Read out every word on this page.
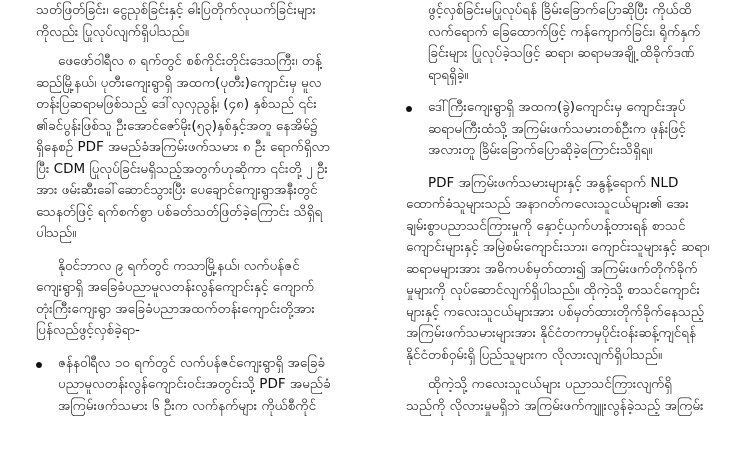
သတ်ဖြတ်ခြင်း၊ ငွေညှစ်ခြင်းနှင့် ဓါးပြတိုက်လုယက်ခြင်းများ
ကိုလည်း ပြုလုပ်လျက်ရှိပါသည်။
ဖေဖော်ဝါရီလ ၈ ရက်တွင် စစ်ကိုင်းတိုင်းဒေသကြီး၊ တန့်
ဆည်မြို့နယ်၊ ပုတီးကျေးရွာရှိ အထက(ပုတီး)ကျောင်းမှ မူလ
တန်းပြဆရာမဖြစ်သည့် ဒေါ်လှလှညွန့်၊ (၄၈) နှစ်သည် ၎င်း
၏ခင်ပွန်းဖြစ်သူ ဦးအောင်ဇော်မိုး(၅၃)နှစ်နှင့်အတူ နေအိမ်၌
ရှိနေစဉ် PDF အမည်ခံအကြမ်းဖက်သမား ၈ ဦး ရောက်ရှိလာ
ပြီး CDM ပြုလုပ်ခြင်းမရှိသည့်အတွက်ဟုဆိုကာ ၎င်းတို့ ၂ ဦး
အား ဖမ်းဆီးခေါ်ဆောင်သွားပြီး ပေချောင်ကျေးရွာအနီးတွင်
သေနတ်ဖြင့် ရက်စက်စွာ ပစ်ခတ်သတ်ဖြတ်ခဲ့ကြောင်း သိရှိရ
ပါသည်။
နိုဝင်ဘာလ ၉ ရက်တွင် ကသာမြို့နယ်၊ လက်ပန်ဇင်
ကျေးရွာရှိ အခြေခံပညာမူလတန်းလွန်ကျောင်းနှင့် ကျောက်
တုံးကြီးကျေးရွာ အခြေခံပညာအထက်တန်းကျောင်းတို့အား
ပြန်လည်ဖွင့်လှစ်ခဲ့ရာ-
ဇန်နဝါရီလ ၁၀ ရက်တွင် လက်ပန်ဇင်ကျေးရွာရှိ အခြေခံ
ပညာမူလတန်းလွန်ကျောင်းဝင်းအတွင်းသို့ PDF အမည်ခံ
အကြမ်းဖက်သမား ၆ ဦးက လက်နက်များ ကိုယ်စီကိုင်
ဖွင့်လှစ်ခြင်းမပြုလုပ်ရန် ခြိမ်းခြောက်ပြောဆိုပြီး ကိုယ်ထိ
လက်ရောက် ခြေထောက်ဖြင့် ကန်ကျောက်ခြင်း၊ ရိုက်နှက်
ခြင်းများ ပြုလုပ်ခဲ့သဖြင့် ဆရာ၊ ဆရာမအချို့ ထိခိုက်ဒဏ်
ရာရရှိခဲ့။
ဒေါ်ကြီးကျေးရွာရှိ အထက(ခွဲ)ကျောင်းမှ ကျောင်းအုပ်
ဆရာမကြီးထံသို့ အကြမ်းဖက်သမားတစ်ဦးက ဖုန်းဖြင့်
အလားတူ ခြိမ်းခြောက်ပြောဆိုခဲ့ကြောင်းသိရှိရ။
PDF အကြမ်းဖက်သမားများနှင့် အနွန့်ရောက် NLD
ထောက်ခံသူများသည် အနာဂတ်ကလေးသူငယ်များ၏ အေး
ချမ်းစွာပညာသင်ကြားမှုကို နှောင့်ယှက်ဟန့်တားရန် စာသင်
ကျောင်းများနှင့် အမြဲစမ်းကျောင်းသား၊ ကျောင်းသူများနှင့် ဆရာ၊
ဆရာမများအား အဓိကပစ်မှတ်ထား၍ အကြမ်းဖက်တိုက်ခိုက်
မှုများကို လုပ်ဆောင်လျက်ရှိပါသည်။ ထိုကဲ့သို့ စာသင်ကျောင်း
များနှင့် ကလေးသူငယ်များအား ပစ်မှတ်ထားတိုက်ခိုက်နေသည့်
အကြမ်းဖက်သမားများအား နိုင်ငံတကာမှပိုင်းဝန်းဆန့်ကျင်ရန်
နိုင်ငံတစ်ဝှမ်းရှိ ပြည်သူများက လိုလားလျက်ရှိပါသည်။
ထိုကဲ့သို့ ကလေးသူငယ်များ ပညာသင်ကြားလျက်ရှိ
သည်ကို လိုလားမှုမရှိဘဲ အကြမ်းဖက်ကျူးလွန်ခဲ့သည့် အကြမ်း
